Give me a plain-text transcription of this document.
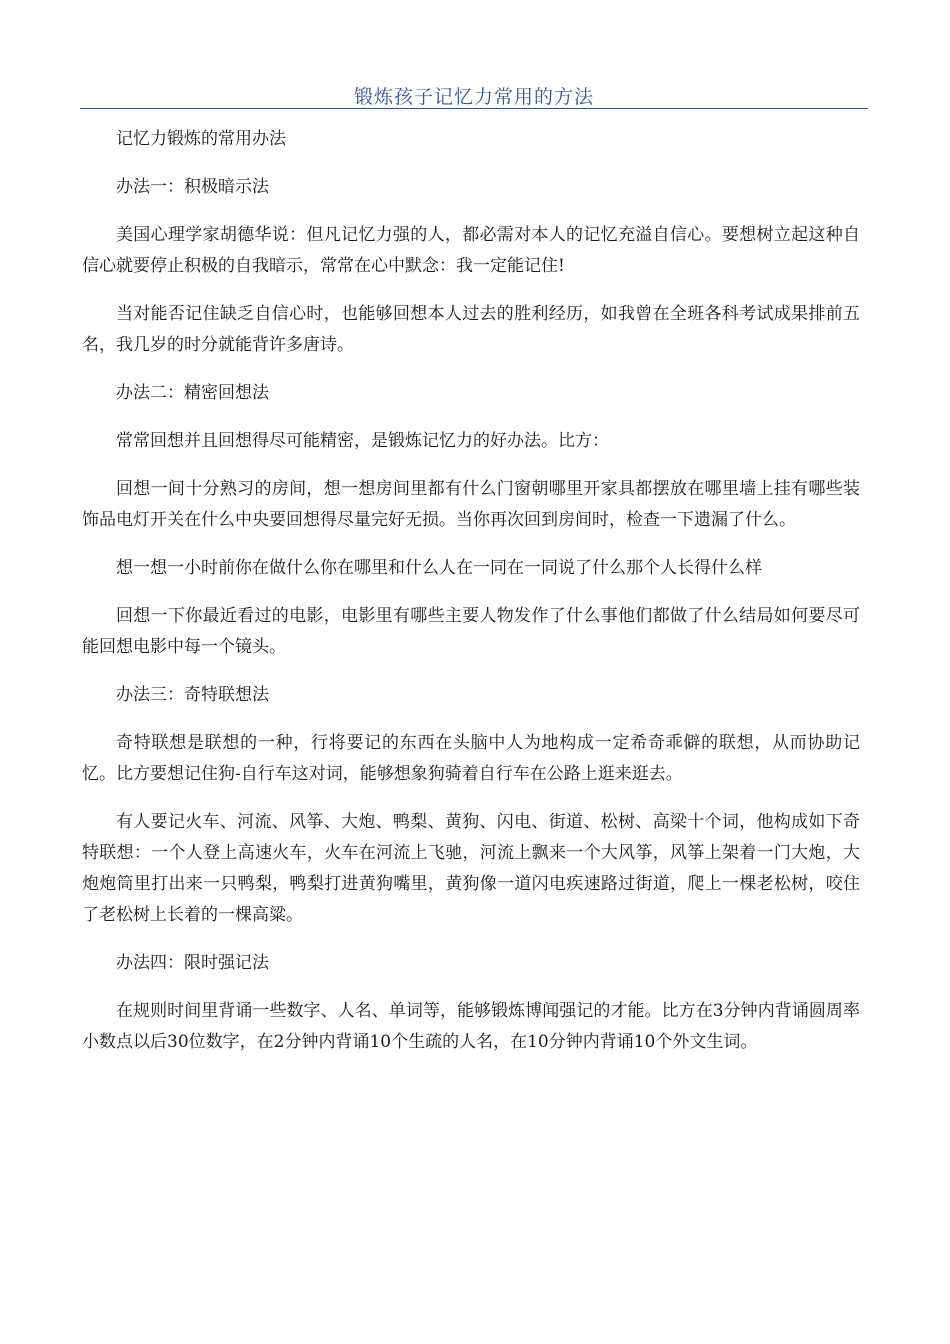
锻炼孩子记忆力常用的方法

记忆力锻炼的常用办法

办法一：积极暗示法

美国心理学家胡德华说：但凡记忆力强的人，都必需对本人的记忆充溢自信心。要想树立起这种自信心就要停止积极的自我暗示，常常在心中默念：我一定能记住!

当对能否记住缺乏自信心时，也能够回想本人过去的胜利经历，如我曾在全班各科考试成果排前五名，我几岁的时分就能背许多唐诗。

办法二：精密回想法

常常回想并且回想得尽可能精密，是锻炼记忆力的好办法。比方：

回想一间十分熟习的房间，想一想房间里都有什么门窗朝哪里开家具都摆放在哪里墙上挂有哪些装饰品电灯开关在什么中央要回想得尽量完好无损。当你再次回到房间时，检查一下遗漏了什么。

想一想一小时前你在做什么你在哪里和什么人在一同在一同说了什么那个人长得什么样

回想一下你最近看过的电影，电影里有哪些主要人物发作了什么事他们都做了什么结局如何要尽可能回想电影中每一个镜头。

办法三：奇特联想法

奇特联想是联想的一种，行将要记的东西在头脑中人为地构成一定希奇乖僻的联想，从而协助记忆。比方要想记住狗-自行车这对词，能够想象狗骑着自行车在公路上逛来逛去。

有人要记火车、河流、风筝、大炮、鸭梨、黄狗、闪电、街道、松树、高梁十个词，他构成如下奇特联想：一个人登上高速火车，火车在河流上飞驰，河流上飘来一个大风筝，风筝上架着一门大炮，大炮炮筒里打出来一只鸭梨，鸭梨打进黄狗嘴里，黄狗像一道闪电疾速路过街道，爬上一棵老松树，咬住了老松树上长着的一棵高粱。

办法四：限时强记法

在规则时间里背诵一些数字、人名、单词等，能够锻炼博闻强记的才能。比方在3分钟内背诵圆周率小数点以后30位数字，在2分钟内背诵10个生疏的人名，在10分钟内背诵10个外文生词。
